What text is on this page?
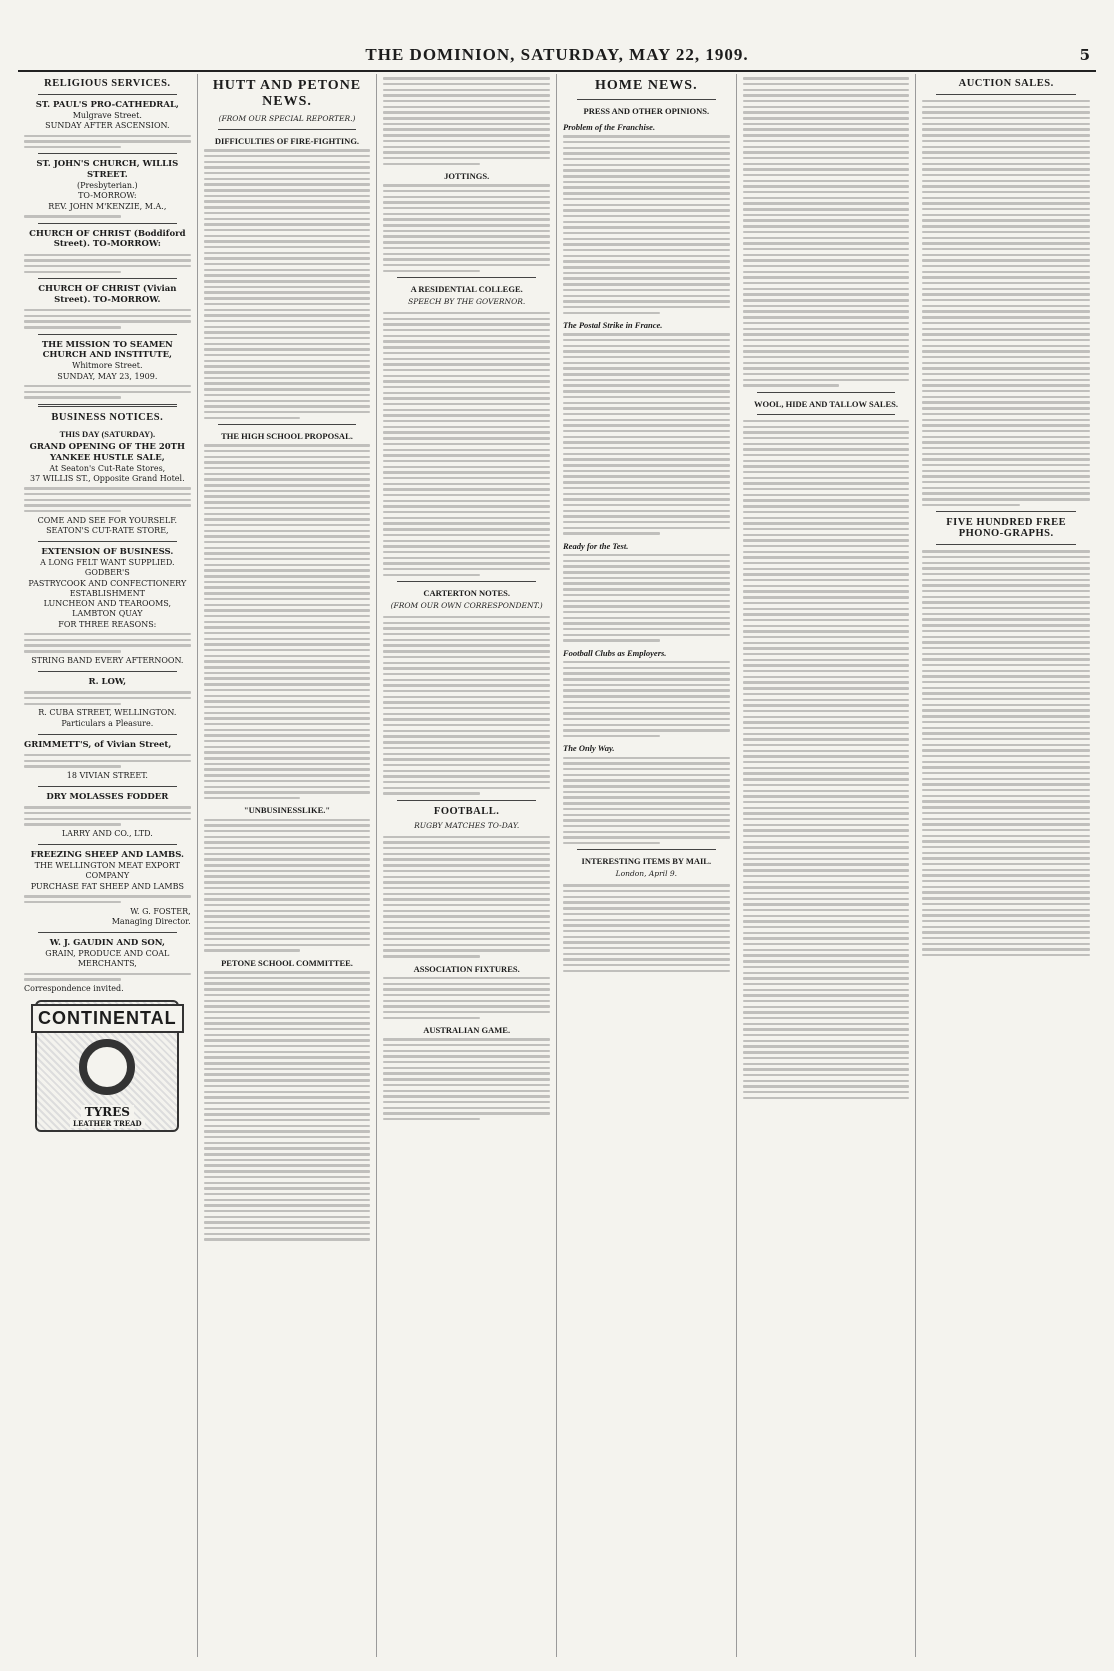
THE DOMINION, SATURDAY, MAY 22, 1909.	5
RELIGIOUS SERVICES.
ST. PAUL'S PRO-CATHEDRAL,
Mulgrave Street.
SUNDAY AFTER ASCENSION.
ST. JOHN'S CHURCH, WILLIS STREET.
(Presbyterian.)
TO-MORROW:
REV. JOHN M'KENZIE, M.A.,
CHURCH OF CHRIST (Boddiford Street). TO-MORROW:
CHURCH OF CHRIST (Vivian Street). TO-MORROW.
THE MISSION TO SEAMEN CHURCH AND INSTITUTE,
Whitmore Street.
SUNDAY, MAY 23, 1909.
BUSINESS NOTICES.
THIS DAY (SATURDAY).
GRAND OPENING OF THE 20TH YANKEE HUSTLE SALE,
At Seaton's Cut-Rate Stores,
37 WILLIS ST., Opposite Grand Hotel.
COME AND SEE FOR YOURSELF.
SEATON'S CUT-RATE STORE,
EXTENSION OF BUSINESS.
A LONG FELT WANT SUPPLIED.
GODBER'S
PASTRYCOOK AND CONFECTIONERY ESTABLISHMENT
LUNCHEON AND TEAROOMS,
LAMBTON QUAY
FOR THREE REASONS:
STRING BAND EVERY AFTERNOON.
R. LOW,
R. CUBA STREET, WELLINGTON.
Particulars a Pleasure.
GRIMMETT'S, of Vivian Street,
18 VIVIAN STREET.
DRY MOLASSES FODDER
LARRY AND CO., LTD.
FREEZING SHEEP AND LAMBS.
THE WELLINGTON MEAT EXPORT COMPANY
PURCHASE FAT SHEEP AND LAMBS
W. G. FOSTER,
Managing Director.
W. J. GAUDIN AND SON,
GRAIN, PRODUCE AND COAL MERCHANTS,
Correspondence invited.
CONTINENTAL
TYRES
LEATHER TREAD
HUTT AND PETONE NEWS.
(FROM OUR SPECIAL REPORTER.)
DIFFICULTIES OF FIRE-FIGHTING.
THE HIGH SCHOOL PROPOSAL.
"UNBUSINESSLIKE."
PETONE SCHOOL COMMITTEE.
JOTTINGS.
A RESIDENTIAL COLLEGE.
SPEECH BY THE GOVERNOR.
CARTERTON NOTES.
(FROM OUR OWN CORRESPONDENT.)
FOOTBALL.
RUGBY MATCHES TO-DAY.
ASSOCIATION FIXTURES.
AUSTRALIAN GAME.
HOME NEWS.
PRESS AND OTHER OPINIONS.
Problem of the Franchise.
The Postal Strike in France.
Ready for the Test.
Football Clubs as Employers.
The Only Way.
INTERESTING ITEMS BY MAIL.
London, April 9.
WOOL, HIDE AND TALLOW SALES.
AUCTION SALES.
FIVE HUNDRED FREE PHONO-GRAPHS.
